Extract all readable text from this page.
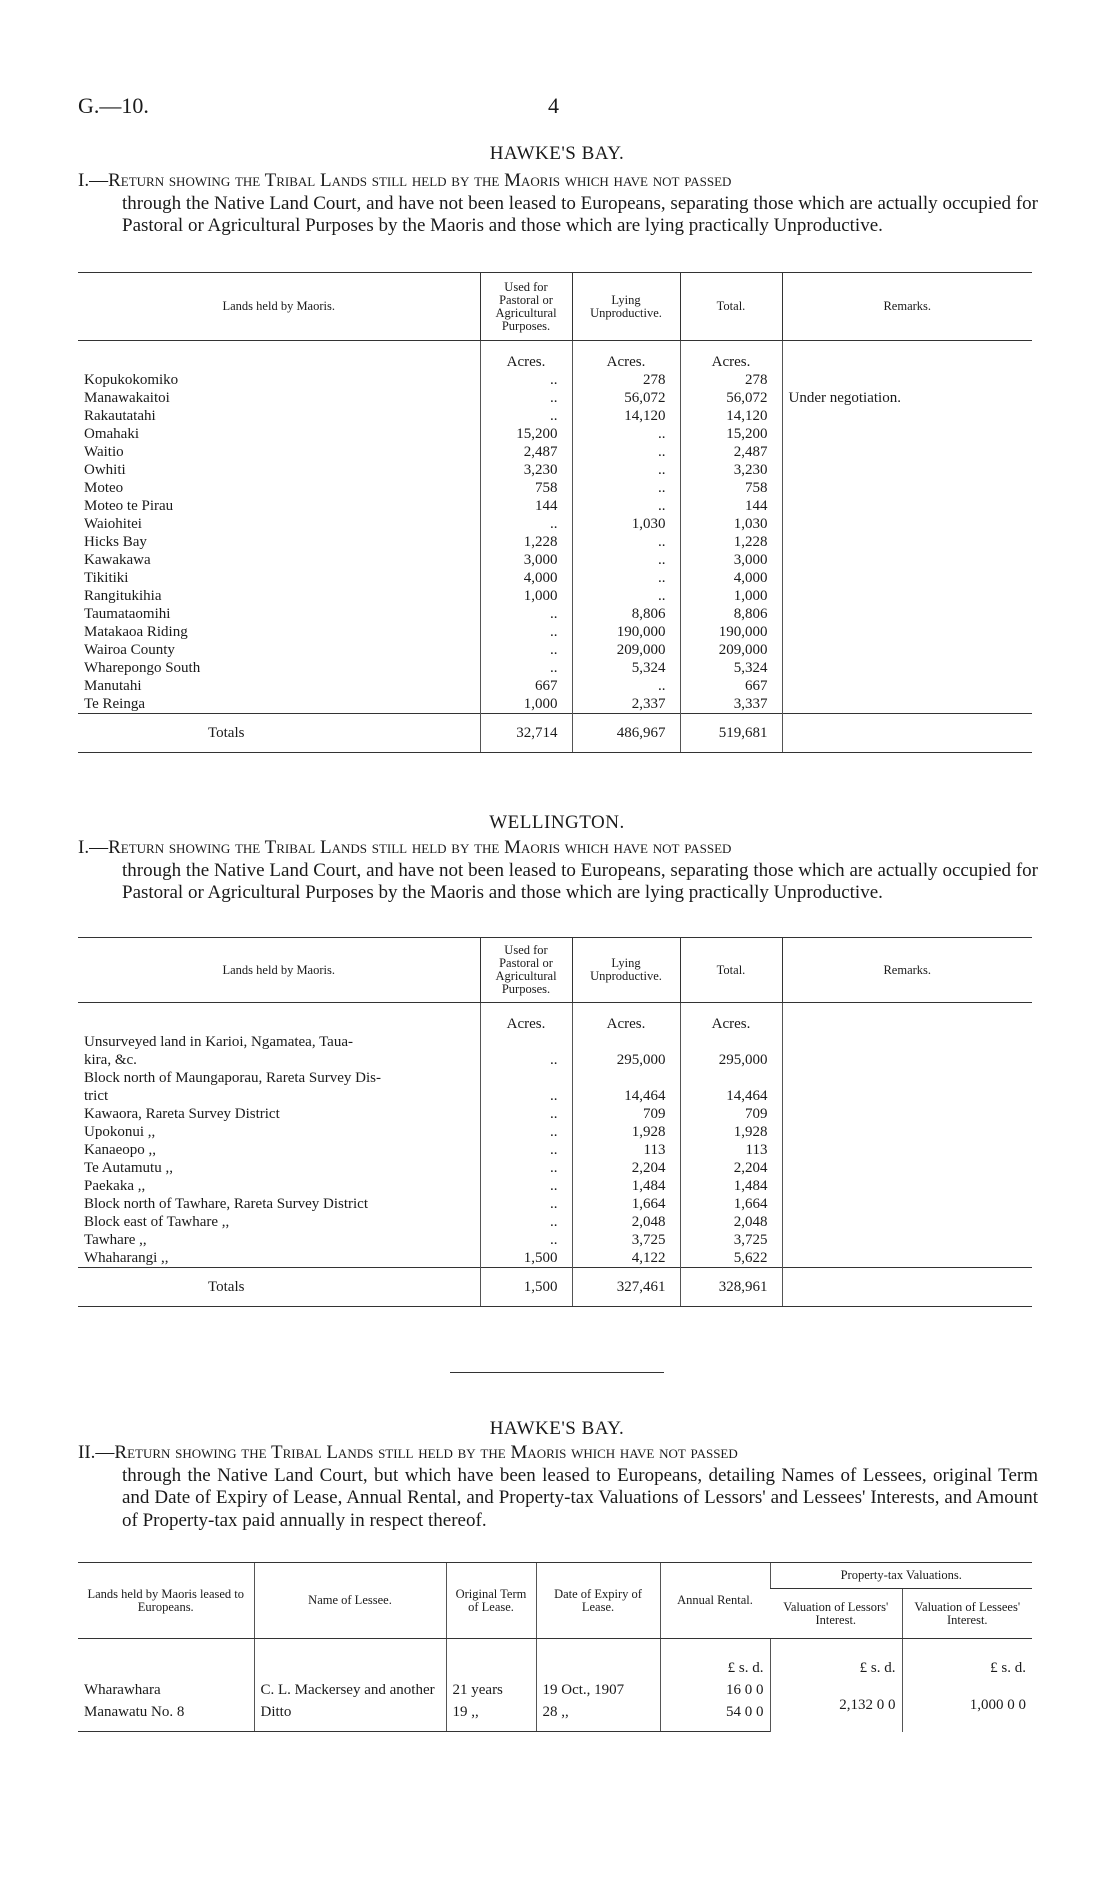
G.—10.	4
HAWKE'S BAY.
I.—Return showing the Tribal Lands still held by the Maoris which have not passed
through the Native Land Court, and have not been leased to Europeans, separating those which are actually occupied for Pastoral or Agricultural Purposes by the Maoris and those which are lying practically Unproductive.
Lands held by Maoris.	Used for Pastoral or Agricultural Purposes.	Lying Unproductive.	Total.	Remarks.
	Acres.	Acres.	Acres.	
Kopukokomiko	..	278	278	
Manawakaitoi	..	56,072	56,072	Under negotiation.
Rakautatahi	..	14,120	14,120	
Omahaki	15,200	..	15,200	
Waitio	2,487	..	2,487	
Owhiti	3,230	..	3,230	
Moteo	758	..	758	
Moteo te Pirau	144	..	144	
Waiohitei	..	1,030	1,030	
Hicks Bay	1,228	..	1,228	
Kawakawa	3,000	..	3,000	
Tikitiki	4,000	..	4,000	
Rangitukihia	1,000	..	1,000	
Taumataomihi	..	8,806	8,806	
Matakaoa Riding	..	190,000	190,000	
Wairoa County	..	209,000	209,000	
Wharepongo South	..	5,324	5,324	
Manutahi	667	..	667	
Te Reinga	1,000	2,337	3,337	
Totals	32,714	486,967	519,681	
WELLINGTON.
I.—Return showing the Tribal Lands still held by the Maoris which have not passed
through the Native Land Court, and have not been leased to Europeans, separating those which are actually occupied for Pastoral or Agricultural Purposes by the Maoris and those which are lying practically Unproductive.
Lands held by Maoris.	Used for Pastoral or Agricultural Purposes.	Lying Unproductive.	Total.	Remarks.
	Acres.	Acres.	Acres.	
Unsurveyed land in Karioi, Ngamatea, Taua-				
kira, &c.	..	295,000	295,000	
Block north of Maungaporau, Rareta Survey Dis-				
trict	..	14,464	14,464	
Kawaora, Rareta Survey District	..	709	709	
Upokonui ,,	..	1,928	1,928	
Kanaeopo ,,	..	113	113	
Te Autamutu ,,	..	2,204	2,204	
Paekaka ,,	..	1,484	1,484	
Block north of Tawhare, Rareta Survey District	..	1,664	1,664	
Block east of Tawhare ,,	..	2,048	2,048	
Tawhare ,,	..	3,725	3,725	
Whaharangi ,,	1,500	4,122	5,622	
Totals	1,500	327,461	328,961	
HAWKE'S BAY.
II.—Return showing the Tribal Lands still held by the Maoris which have not passed
through the Native Land Court, but which have been leased to Europeans, detailing Names of Lessees, original Term and Date of Expiry of Lease, Annual Rental, and Property-tax Valuations of Lessors' and Lessees' Interests, and Amount of Property-tax paid annually in respect thereof.
Lands held by Maoris leased to Europeans.	Name of Lessee.	Original Term of Lease.	Date of Expiry of Lease.	Annual Rental.	Property-tax Valuations.	
					Valuation of Lessors' Interest.	Valuation of Lessees' Interest.
				£ s. d.	£ s. d.	£ s. d.
Wharawhara	C. L. Mackersey and another	21 years	19 Oct., 1907	16 0 0	2,132 0 0	1,000 0 0
Manawatu No. 8	Ditto	19 ,,	28 ,,	54 0 0		
